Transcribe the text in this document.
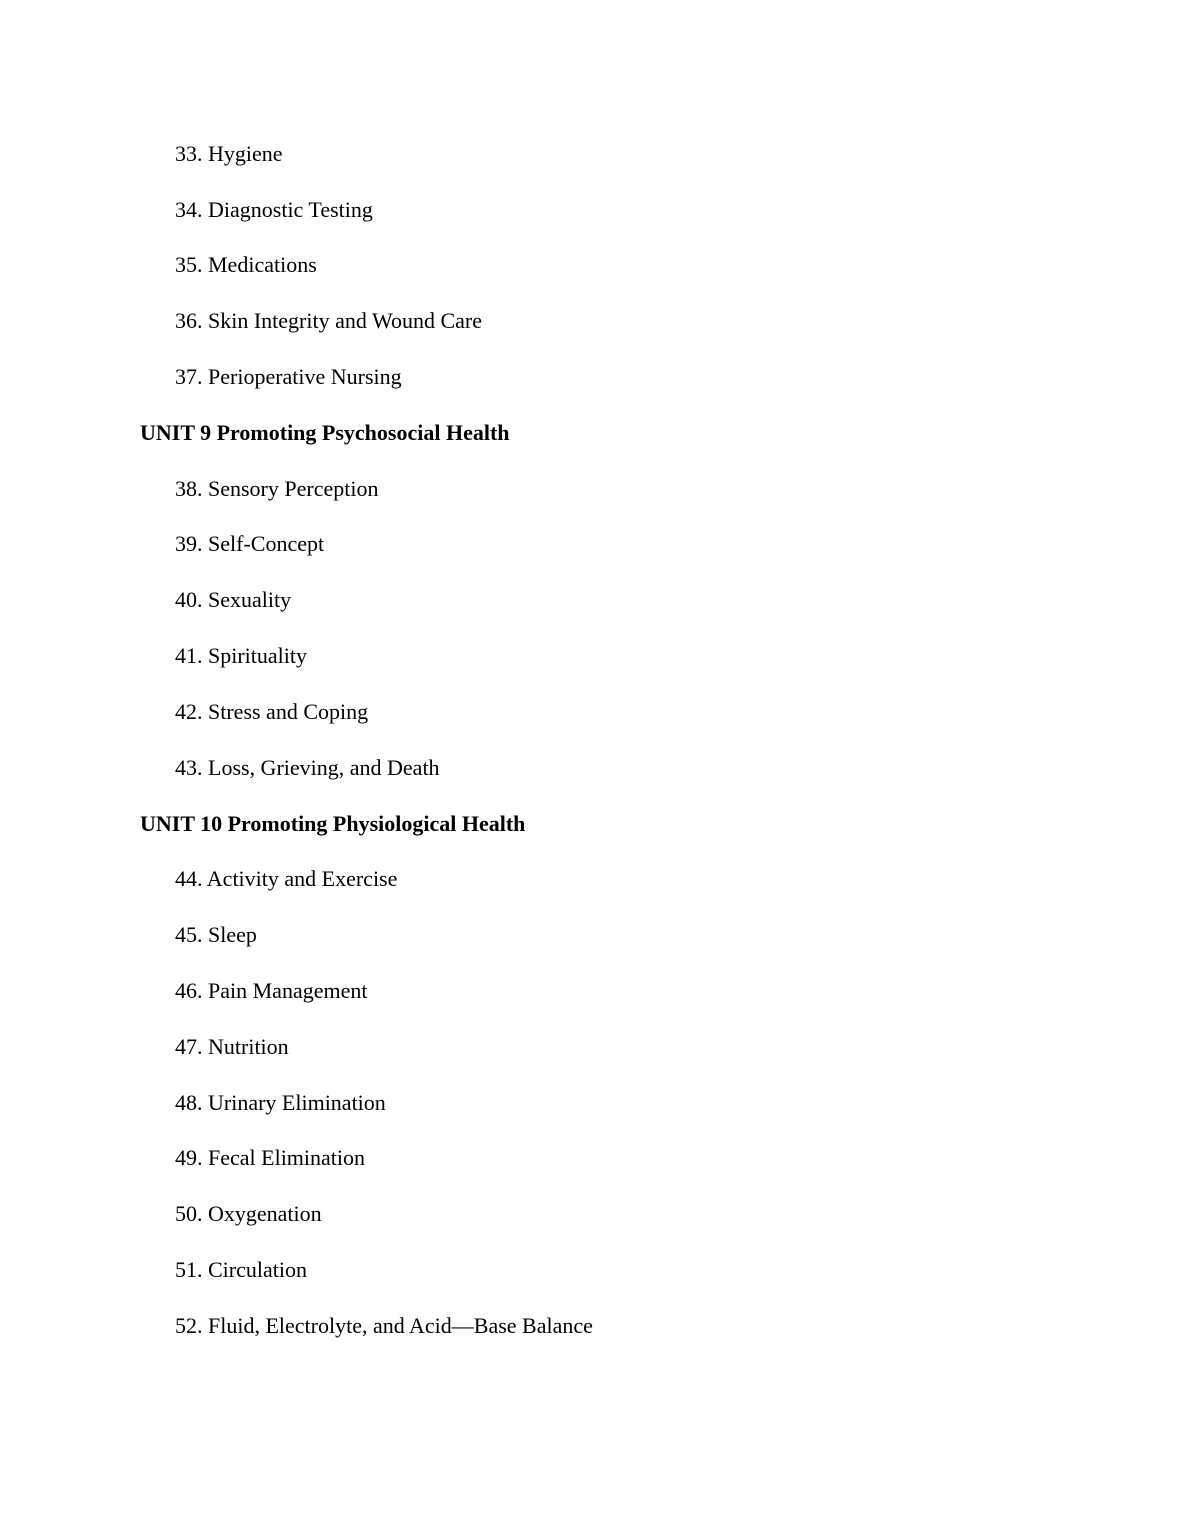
33. Hygiene
34. Diagnostic Testing
35. Medications
36. Skin Integrity and Wound Care
37. Perioperative Nursing
UNIT 9 Promoting Psychosocial Health
38. Sensory Perception
39. Self-Concept
40. Sexuality
41. Spirituality
42. Stress and Coping
43. Loss, Grieving, and Death
UNIT 10 Promoting Physiological Health
44. Activity and Exercise
45. Sleep
46. Pain Management
47. Nutrition
48. Urinary Elimination
49. Fecal Elimination
50. Oxygenation
51. Circulation
52. Fluid, Electrolyte, and Acid—Base Balance
